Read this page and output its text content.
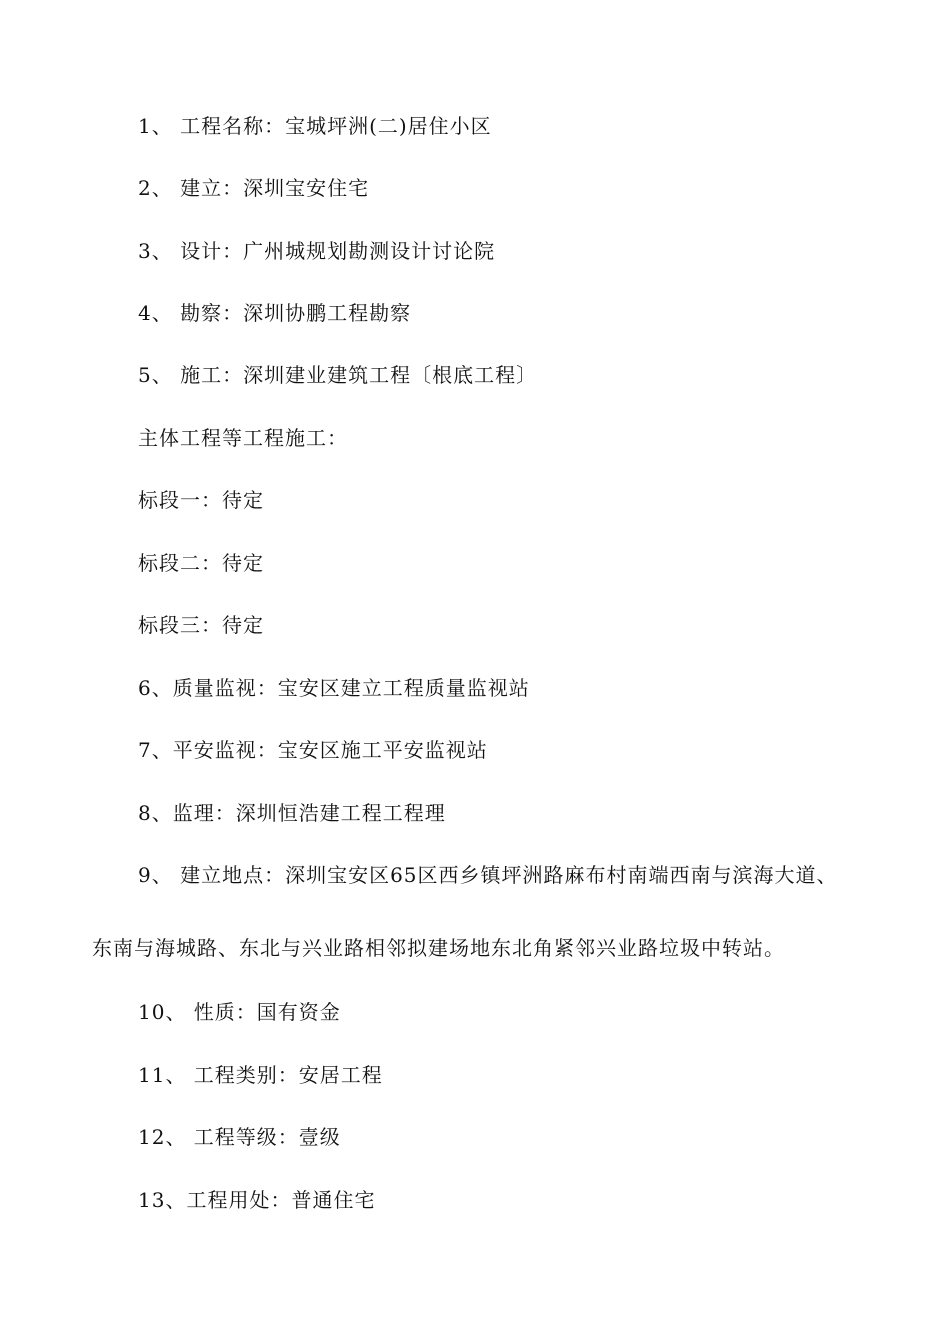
1、 工程名称：宝城坪洲(二)居住小区
2、 建立：深圳宝安住宅
3、 设计：广州城规划勘测设计讨论院
4、 勘察：深圳协鹏工程勘察
5、 施工：深圳建业建筑工程〔根底工程〕
主体工程等工程施工：
标段一：待定
标段二：待定
标段三：待定
6、质量监视：宝安区建立工程质量监视站
7、平安监视：宝安区施工平安监视站
8、监理：深圳恒浩建工程工程理
9、 建立地点：深圳宝安区65区西乡镇坪洲路麻布村南端西南与滨海大道、
东南与海城路、东北与兴业路相邻拟建场地东北角紧邻兴业路垃圾中转站。
10、 性质：国有资金
11、 工程类别：安居工程
12、 工程等级：壹级
13、工程用处：普通住宅
